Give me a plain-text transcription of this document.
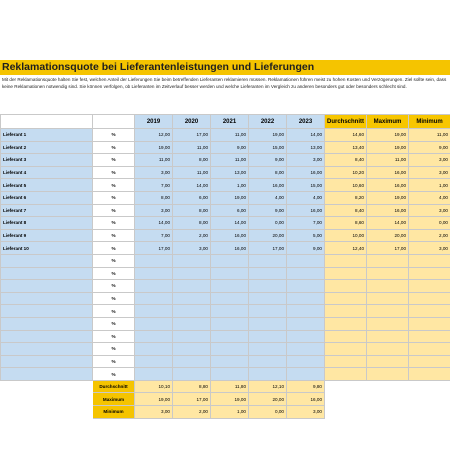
Reklamationsquote bei Lieferantenleistungen und Lieferungen
Mit der Reklamationsquote halten Sie fest, welchen Anteil der Lieferungen Sie beim betreffenden Lieferanten reklamieren müssen. Reklamationen führen meist zu hohen Kosten und Verzögerungen. Ziel sollte sein, dass keine Reklamationen notwendig sind. Sie können verfolgen, ob Lieferanten im Zeitverlauf besser werden und welche Lieferanten im Vergleich zu anderen besonders gut oder besonders schlecht sind.
		2019	2020	2021	2022	2023	Durchschnitt	Maximum	Minimum
Lieferant 1	%	12,00	17,00	11,00	19,00	14,00	14,60	19,00	11,00
Lieferant 2	%	19,00	11,00	9,00	15,00	13,00	13,40	19,00	9,00
Lieferant 3	%	11,00	8,00	11,00	9,00	3,00	8,40	11,00	3,00
Lieferant 4	%	3,00	11,00	13,00	8,00	16,00	10,20	16,00	3,00
Lieferant 5	%	7,00	14,00	1,00	16,00	15,00	10,60	16,00	1,00
Lieferant 6	%	8,00	6,00	19,00	4,00	4,00	8,20	19,00	4,00
Lieferant 7	%	3,00	8,00	6,00	9,00	16,00	8,40	16,00	3,00
Lieferant 8	%	14,00	8,00	14,00	0,00	7,00	8,60	14,00	0,00
Lieferant 9	%	7,00	2,00	16,00	20,00	5,00	10,00	20,00	2,00
Lieferant 10	%	17,00	3,00	16,00	17,00	9,00	12,40	17,00	3,00
	%								
	%								
	%								
	%								
	%								
	%								
	%								
	%								
	%								
	%								
	Durchschnitt	10,10	8,80	11,80	12,10	9,80			
	Maximum	19,00	17,00	19,00	20,00	16,00			
	Minimum	3,00	2,00	1,00	0,00	3,00			
